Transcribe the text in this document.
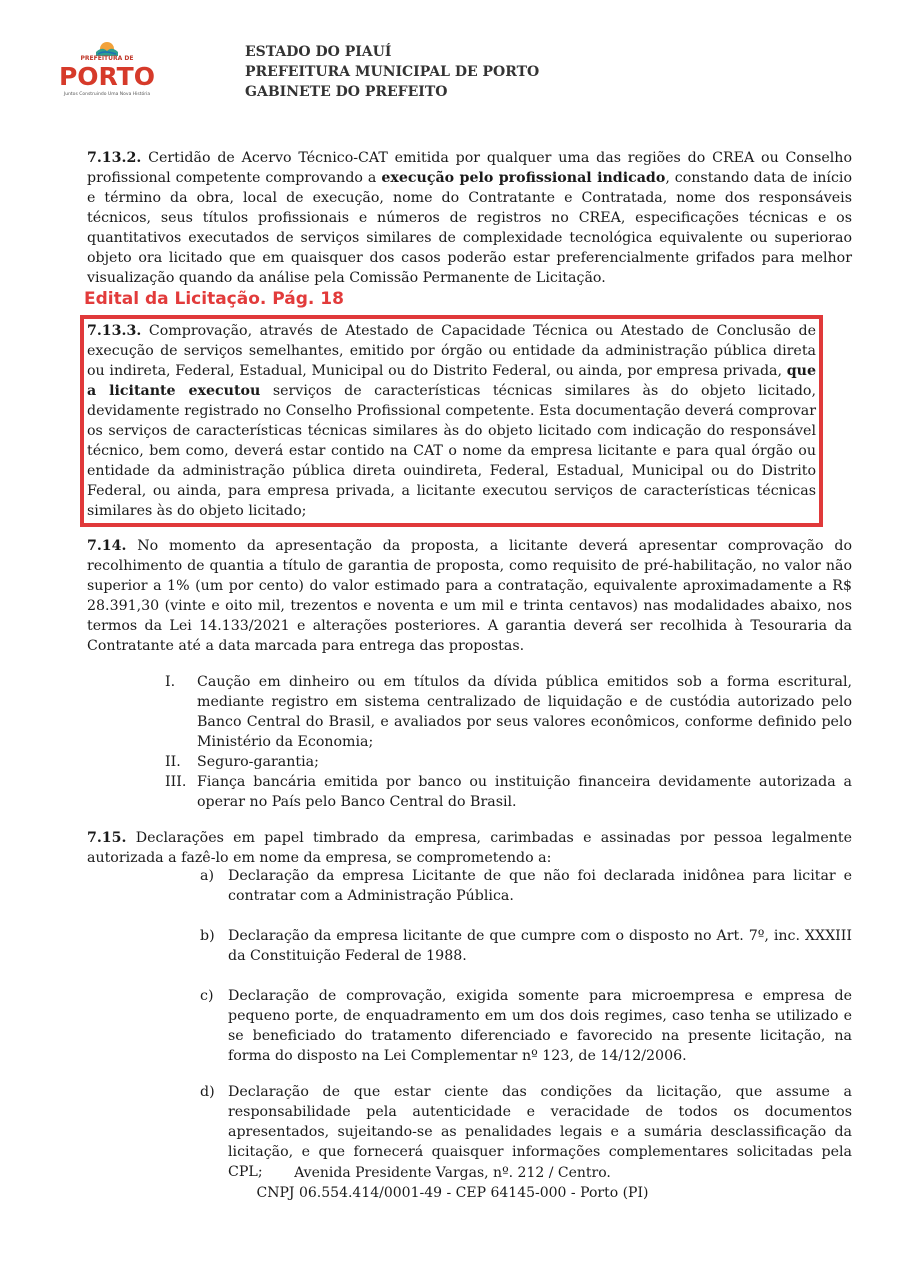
PREFEITURA DE
PORTO
Juntos Construindo Uma Nova História
ESTADO DO PIAUÍ
PREFEITURA MUNICIPAL DE PORTO
GABINETE DO PREFEITO

7.13.2. Certidão de Acervo Técnico-CAT emitida por qualquer uma das regiões do CREA ou Conselho profissional competente comprovando a execução pelo profissional indicado, constando data de início e término da obra, local de execução, nome do Contratante e Contratada, nome dos responsáveis técnicos, seus títulos profissionais e números de registros no CREA, especificações técnicas e os quantitativos executados de serviços similares de complexidade tecnológica equivalente ou superiorao objeto ora licitado que em quaisquer dos casos poderão estar preferencialmente grifados para melhor visualização quando da análise pela Comissão Permanente de Licitação.

Edital da Licitação. Pág. 18

7.13.3. Comprovação, através de Atestado de Capacidade Técnica ou Atestado de Conclusão de execução de serviços semelhantes, emitido por órgão ou entidade da administração pública direta ou indireta, Federal, Estadual, Municipal ou do Distrito Federal, ou ainda, por empresa privada, que a licitante executou serviços de características técnicas similares às do objeto licitado, devidamente registrado no Conselho Profissional competente. Esta documentação deverá comprovar os serviços de características técnicas similares às do objeto licitado com indicação do responsável técnico, bem como, deverá estar contido na CAT o nome da empresa licitante e para qual órgão ou entidade da administração pública direta ouindireta, Federal, Estadual, Municipal ou do Distrito Federal, ou ainda, para empresa privada, a licitante executou serviços de características técnicas similares às do objeto licitado;

7.14. No momento da apresentação da proposta, a licitante deverá apresentar comprovação do recolhimento de quantia a título de garantia de proposta, como requisito de pré-habilitação, no valor não superior a 1% (um por cento) do valor estimado para a contratação, equivalente aproximadamente a R$ 28.391,30 (vinte e oito mil, trezentos e noventa e um mil e trinta centavos) nas modalidades abaixo, nos termos da Lei 14.133/2021 e alterações posteriores. A garantia deverá ser recolhida à Tesouraria da Contratante até a data marcada para entrega das propostas.

I. Caução em dinheiro ou em títulos da dívida pública emitidos sob a forma escritural, mediante registro em sistema centralizado de liquidação e de custódia autorizado pelo Banco Central do Brasil, e avaliados por seus valores econômicos, conforme definido pelo Ministério da Economia;
II. Seguro-garantia;
III. Fiança bancária emitida por banco ou instituição financeira devidamente autorizada a operar no País pelo Banco Central do Brasil.

7.15. Declarações em papel timbrado da empresa, carimbadas e assinadas por pessoa legalmente autorizada a fazê-lo em nome da empresa, se comprometendo a:

a) Declaração da empresa Licitante de que não foi declarada inidônea para licitar e contratar com a Administração Pública.
b) Declaração da empresa licitante de que cumpre com o disposto no Art. 7º, inc. XXXIII da Constituição Federal de 1988.
c) Declaração de comprovação, exigida somente para microempresa e empresa de pequeno porte, de enquadramento em um dos dois regimes, caso tenha se utilizado e se beneficiado do tratamento diferenciado e favorecido na presente licitação, na forma do disposto na Lei Complementar nº 123, de 14/12/2006.
d) Declaração de que estar ciente das condições da licitação, que assume a responsabilidade pela autenticidade e veracidade de todos os documentos apresentados, sujeitando-se as penalidades legais e a sumária desclassificação da licitação, e que fornecerá quaisquer informações complementares solicitadas pela CPL;	Avenida Presidente Vargas, nº. 212 / Centro.
CNPJ 06.554.414/0001-49 - CEP 64145-000 - Porto (PI)
